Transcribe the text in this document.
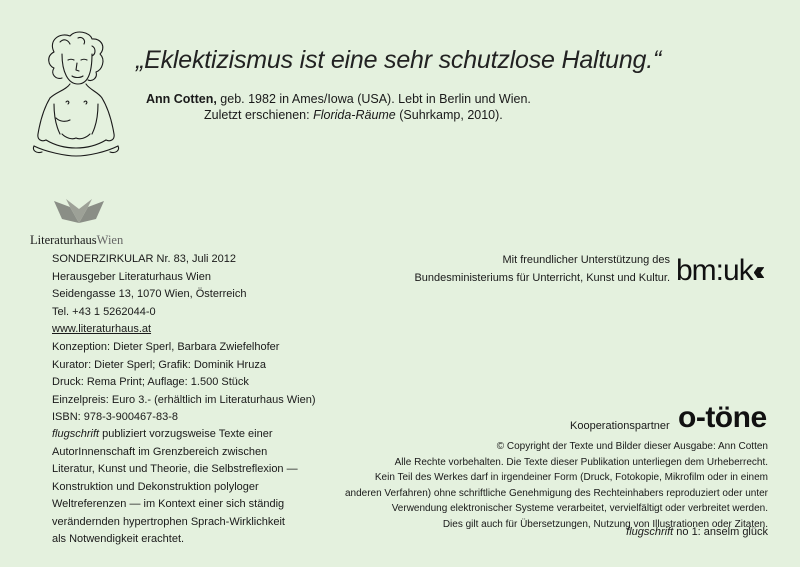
„Eklektizismus ist eine sehr schutzlose Haltung.“
Ann Cotten, geb. 1982 in Ames/Iowa (USA). Lebt in Berlin und Wien.
Zuletzt erschienen: Florida-Räume (Suhrkamp, 2010).
LiteraturhausWien
SONDERZIRKULAR Nr. 83, Juli 2012
Herausgeber Literaturhaus Wien
Seidengasse 13, 1070 Wien, Österreich
Tel. +43 1 5262044-0
www.literaturhaus.at
Konzeption: Dieter Sperl, Barbara Zwiefelhofer
Kurator: Dieter Sperl; Grafik: Dominik Hruza
Druck: Rema Print; Auflage: 1.500 Stück
Einzelpreis: Euro 3.- (erhältlich im Literaturhaus Wien)
ISBN: 978-3-900467-83-8
flugschrift publiziert vorzugsweise Texte einer
AutorInnenschaft im Grenzbereich zwischen
Literatur, Kunst und Theorie, die Selbstreflexion —
Konstruktion und Dekonstruktion polyloger
Weltreferenzen — im Kontext einer sich ständig
verändernden hypertrophen Sprach-Wirklichkeit
als Notwendigkeit erachtet.
Mit freundlicher Unterstützung des
Bundesministeriums für Unterricht, Kunst und Kultur. bm:uk‹‹
Kooperationspartner o-töne
© Copyright der Texte und Bilder dieser Ausgabe: Ann Cotten
Alle Rechte vorbehalten. Die Texte dieser Publikation unterliegen dem Urheberrecht.
Kein Teil des Werkes darf in irgendeiner Form (Druck, Fotokopie, Mikrofilm oder in einem
anderen Verfahren) ohne schriftliche Genehmigung des Rechteinhabers reproduziert oder unter
Verwendung elektronischer Systeme verarbeitet, vervielfältigt oder verbreitet werden.
Dies gilt auch für Übersetzungen, Nutzung von Illustrationen oder Zitaten.
flugschrift no 1: anselm glück
